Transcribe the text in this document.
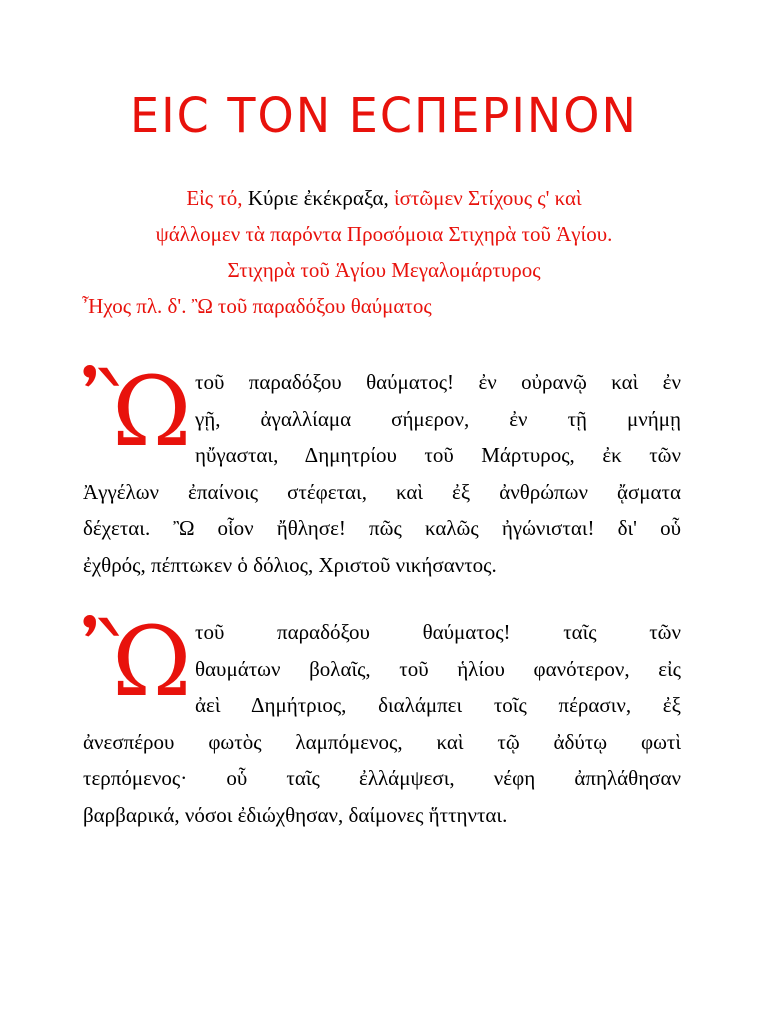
ΕΙϹ ΤΟΝ ΕϹΠΕΡΙΝΟΝ
Εἰς τό, Κύριε ἐκέκραξα, ἱστῶμεν Στίχους ς' καὶ
ψάλλομεν τὰ παρόντα Προσόμοια Στιχηρὰ τοῦ Ἁγίου.
Στιχηρὰ τοῦ Ἁγίου Μεγαλομάρτυρος
Ἦχος πλ. δ'. Ὢ τοῦ παραδόξου θαύματος
Ὢ τοῦ παραδόξου θαύματος! ἐν οὐρανῷ καὶ ἐν
γῇ, ἀγαλλίαμα σήμερον, ἐν τῇ μνήμῃ
ηὔγασται, Δημητρίου τοῦ Μάρτυρος, ἐκ τῶν
Ἀγγέλων ἐπαίνοις στέφεται, καὶ ἐξ ἀνθρώπων ᾄσματα
δέχεται. Ὢ οἷον ἤθλησε! πῶς καλῶς ἠγώνισται! δι' οὗ
ἐχθρός, πέπτωκεν ὁ δόλιος, Χριστοῦ νικήσαντος.
Ὢ τοῦ παραδόξου θαύματος! ταῖς τῶν
θαυμάτων βολαῖς, τοῦ ἡλίου φανότερον, εἰς
ἀεὶ Δημήτριος, διαλάμπει τοῖς πέρασιν, ἐξ
ἀνεσπέρου φωτὸς λαμπόμενος, καὶ τῷ ἀδύτῳ φωτὶ
τερπόμενος· οὗ ταῖς ἐλλάμψεσι, νέφη ἀπηλάθησαν
βαρβαρικά, νόσοι ἐδιώχθησαν, δαίμονες ἥττηνται.
